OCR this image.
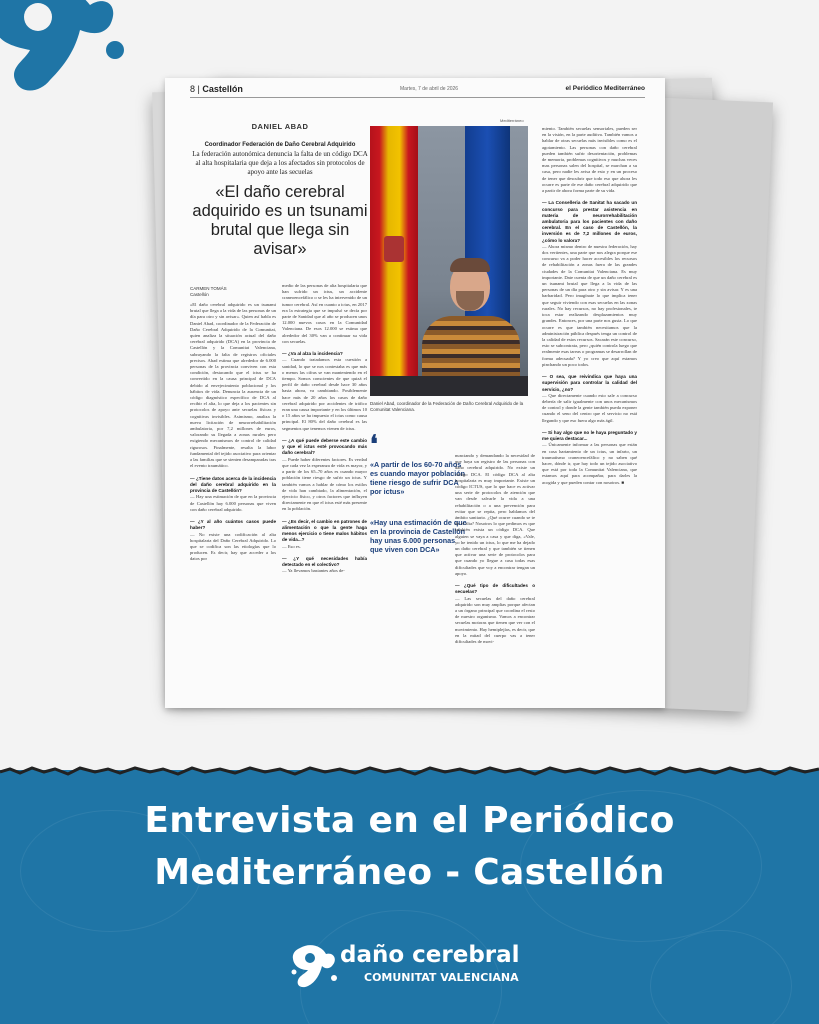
8 | Castellón	Martes, 7 de abril de 2026	el Periódico Mediterráneo
DANIEL ABAD
Coordinador Federación de Daño Cerebral Adquirido
La federación autonómica denuncia la falta de un código DCA al alta hospitalaria que deja a los afectados sin protocolos de apoyo ante las secuelas
«El daño cerebral adquirido es un tsunami brutal que llega sin avisar»
CARMEN TOMÁS
Castellón
«El daño cerebral adquirido es un tsunami brutal que llega a la vida de las personas de un día para otro y sin avisar». Quien así habla es Daniel Abad, coordinador de la Federación de Daño Cerebral Adquirido de la Comunitat, quien analiza la situación actual del daño cerebral adquirido (DCA) en la provincia de Castellón y la Comunitat Valenciana, subrayando la falta de registros oficiales precisos. Abad estima que alrededor de 6.000 personas de la provincia conviven con esta condición, destacando que el ictus se ha convertido en la causa principal de DCA debido al envejecimiento poblacional y los hábitos de vida. Denuncia la ausencia de un código diagnóstico específico de DCA al recibir el alta, lo que deja a los pacientes sin protocolos de apoyo ante secuelas físicas y cognitivas invisibles. Asimismo, analiza la nueva licitación de neurorrehabilitación ambulatoria, por 7,2 millones de euros, valorando su llegada a zonas rurales pero exigiendo mecanismos de control de calidad rigurosos. Finalmente, resalta la labor fundamental del tejido asociativo para orientar a las familias que se sienten desamparadas tras el evento traumático.

— ¿Tiene datos acerca de la incidencia del daño cerebral adquirido en la provincia de Castellón?
— Hay una estimación de que en la provincia de Castellón hay 6.000 personas que viven con daño cerebral adquirido.

— ¿Y al año cuántos casos puede haber?
— No existe una codificación al alta hospitalaria del Daño Cerebral Adquirido. Lo que se codifica son las etiologías que lo producen. Es decir, hay que acceder a los datos por
medio de las personas de alta hospitalaria que han sufrido un ictus, un accidente craneoencefálico o se les ha intervenido de un tumor cerebral. Así en cuanto a ictus, en 2017 era la estrategia que se impulsó se decía por parte de Sanidad que al año se producen unos 12.000 nuevos casos en la Comunidad Valenciana. De esos 12.000 se estima que alrededor del 30% van a continuar su vida con secuelas.

— ¿Va al alza la incidencia?
— Cuando tratadamos esta cuestión a sanidad, lo que se nos contestaba es que más o menos las cifras se van manteniendo en el tiempo. Somos conscientes de que quizá el perfil de daño cerebral desde hace 30 años hasta ahora, va cambiando. Posiblemente hace más de 20 años los casos de daño cerebral adquirido por accidentes de tráfico eran una causa importante y en los últimos 10 o 15 años se ha impuesto el ictus como causa principal. El 80% del daño cerebral es las segmentos que tenemos vienen de ictus.

— ¿A qué puede deberse este cambio y que el ictus esté provocando más daño cerebral?
— Puede haber diferentes factores. Es verdad que cada vez la esperanza de vida es mayor, y a partir de los 65–70 años es cuando mayor población tiene riesgo de sufrir un ictus. Y también vamos a hablar de cómo los estilos de vida han cambiado, la alimentación, el ejercicio físico, y otros factores que influyen directamente en que el ictus esté más presente en la población.

— ¿Es decir, el cambio en patrones de alimentación o que la gente haga menos ejercicio o tiene malos hábitos de vida...?
— Eso es.

— ¿Y qué necesidades había detectado en el colectivo?
— Ya llevamos bastantes años de-
Mediterráneo
Daniel Abad, coordinador de la Federación de Daño Cerebral Adquirido de la Comunitat Valenciana.
❛
«A partir de los 60-70 años es cuando mayor población tiene riesgo de sufrir DCA por ictus»
«Hay una estimación de que en la provincia de Castellón hay unas 6.000 personas que viven con DCA»
nunciando y demandando la necesidad de que haya un registro de las personas con daño cerebral adquirido. No existe un código DCA. El código DCA al alta hospitalaria es muy importante. Existe un código ICTUS, que lo que hace es activar una serie de protocolos de atención que van desde salvarle la vida a una rehabilitación o a una prevención para evitar que se repita, pero hablamos del ámbito sanitario. ¿Qué ocurre cuando se te da el alta? Nosotros lo que pedimos es que también exista un código DCA. Que alguien se vaya a casa y que diga, «Vale, yo he tenido un ictus, lo que me ha dejado un daño cerebral y que también se tienen que activar una serie de protocolos para que cuando yo llegue a casa todas esas dificultades que voy a encontrar tengan un apoyo.

— ¿Qué tipo de dificultades o secuelas?
— Las secuelas del daño cerebral adquirido son muy amplias porque afectan a un órgano principal que coordina el resto de nuestro organismo. Vamos a encontrar secuelas motoras que tienen que ver con el movimiento. Hay hemiplejías, es decir, que en la mitad del cuerpo vas a tener dificultades de movi-
miento. También secuelas sensoriales, pueden ser en la visión, en la parte auditiva. También vamos a hablar de otras secuelas más invisibles como es el agotamiento. Las personas con daño cerebral pueden también sufrir desorientación, problemas de memoria, problemas cognitivos y muchas veces mas personas salen del hospital, se marchan a su casa, pero nadie les avisa de esto y en un proceso de tener que descubrir que todo eso que ahora les ocurre es parte de ese daño cerebral adquirido que a partir de ahora forma parte de su vida.

— La Conselleria de Sanitat ha sacado un concurso para prestar asistencia en materia de neurorrehabilitación ambulatoria para los pacientes con daño cerebral. En el caso de Castellón, la inversión es de 7,2 millones de euros, ¿cómo lo valora?
— Ahora mismo dentro de nuestra federación, hay dos vertientes, una parte que nos alegra porque ese concurso va a poder hacer accesibles los recursos de rehabilitación a zonas fuera de las grandes ciudades de la Comunitat Valenciana. Es muy importante. Date cuenta de que un daño cerebral es un tsunami brutal que llega a la vida de las personas de un día para otro y sin avisar. Y es una barbaridad. Pero imagínate lo que implica tener que seguir viviendo con esas secuelas en las zonas rurales. No hay recursos, no hay profesionales, te toca estar realizando desplazamientos muy grandes. Entonces, por una parte nos gusta. Lo que ocurre es que también necesitamos que la administración pública después tenga un control de la calidad de estos recursos. Sacarán este concurso, esto se subcontrata, pero ¿quién controla luego que realmente esas tareas o programas se desarrollan de forma adecuada? Y yo creo que aquí estamos pinchando un poco todos.

— O sea, que reivindica que haya una supervisión para controlar la calidad del servicio, ¿no?
— Que directamente cuando esto sale a concurso debería de salir igualmente con unos mecanismos de control y donde la gente también pueda exponer cuando el seno del centro que el servicio no está llegando y que eso fuera algo más ágil.

— Si hay algo que no le haya preguntado y me quiera destacar...
— Únicamente informar a las personas que están en casa hartamiento de un ictus, un infarto, un traumatismo craneoencefálico y no saben qué hacer, dónde ir, que hay todo un tejido asociativo que está por toda la Comunitat Valenciana, que estamos aquí para acompañar, para darles la acogida y que pueden contar con nosotros. ■
Entrevista en el Periódico
Mediterráneo - Castellón
daño cerebral
COMUNITAT VALENCIANA
